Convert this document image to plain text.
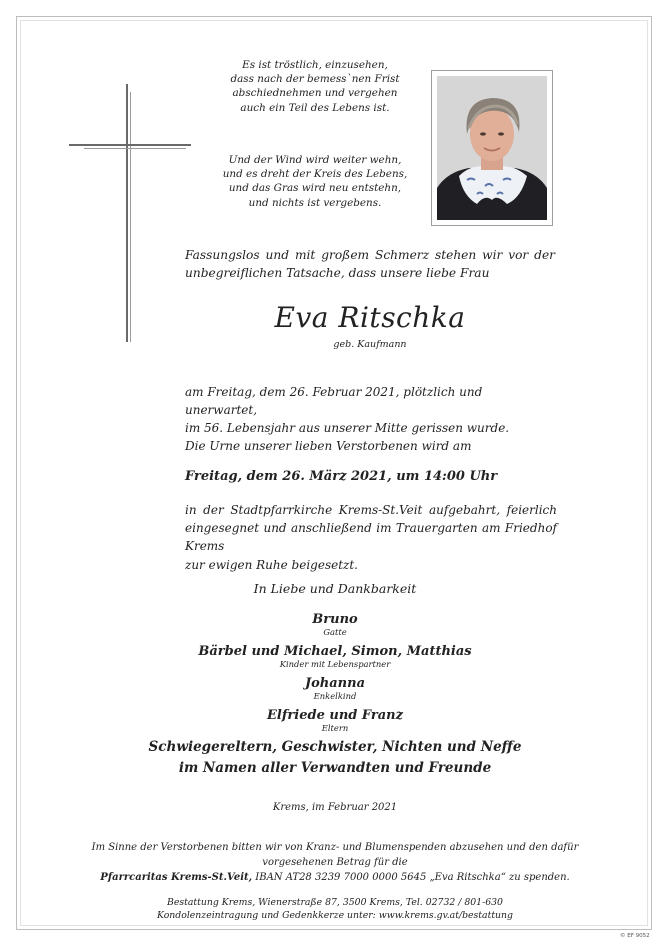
Es ist tröstlich, einzusehen,
dass nach der bemess`nen Frist
abschiednehmen und vergehen
auch ein Teil des Lebens ist.
Und der Wind wird weiter wehn,
und es dreht der Kreis des Lebens,
und das Gras wird neu entstehn,
und nichts ist vergebens.
Fassungslos und mit großem Schmerz stehen wir vor der
unbegreiflichen Tatsache, dass unsere liebe Frau
Eva Ritschka
geb. Kaufmann
am Freitag, dem 26. Februar 2021, plötzlich und unerwartet,
im 56. Lebensjahr aus unserer Mitte gerissen wurde.
Die Urne unserer lieben Verstorbenen wird am
Freitag, dem 26. März 2021, um 14:00 Uhr
in der Stadtpfarrkirche Krems-St.Veit aufgebahrt, feierlich
eingesegnet und anschließend im Trauergarten am Friedhof Krems
zur ewigen Ruhe beigesetzt.
In Liebe und Dankbarkeit
Bruno
Gatte
Bärbel und Michael, Simon, Matthias
Kinder mit Lebenspartner
Johanna
Enkelkind
Elfriede und Franz
Eltern
Schwiegereltern, Geschwister, Nichten und Neffe
im Namen aller Verwandten und Freunde
Krems, im Februar 2021
Im Sinne der Verstorbenen bitten wir von Kranz- und Blumenspenden abzusehen und den dafür
vorgesehenen Betrag für die
Pfarrcaritas Krems-St.Veit, IBAN AT28 3239 7000 0000 5645 „Eva Ritschka“ zu spenden.
Bestattung Krems, Wienerstraße 87, 3500 Krems, Tel. 02732 / 801-630
Kondolenzeintragung und Gedenkkerze unter: www.krems.gv.at/bestattung
© EF 9052
